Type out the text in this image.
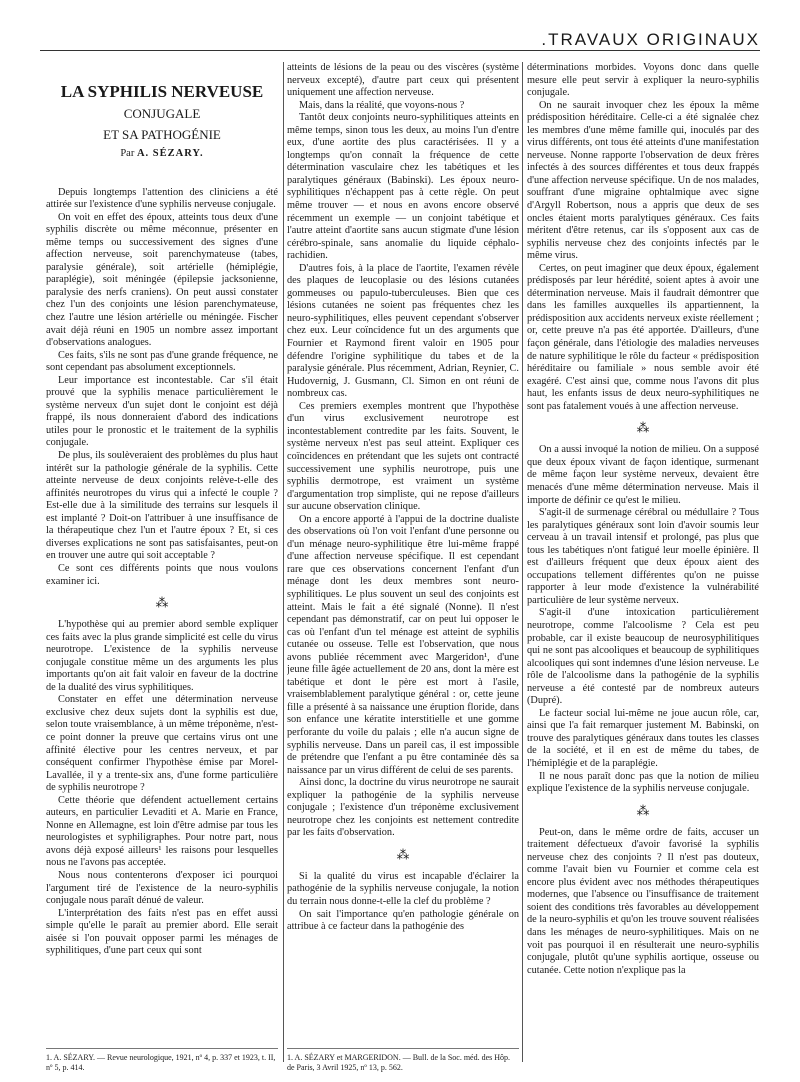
.TRAVAUX ORIGINAUX
LA SYPHILIS NERVEUSE
CONJUGALE
ET SA PATHOGÉNIE
Par A. SÉZARY.

Depuis longtemps l'attention des cliniciens a été attirée sur l'existence d'une syphilis nerveuse conjugale.

On voit en effet des époux, atteints tous deux d'une syphilis discrète ou même méconnue, présenter en même temps ou successivement des signes d'une affection nerveuse, soit parenchymateuse (tabes, paralysie générale), soit artérielle (hémiplégie, paraplégie), soit méningée (épilepsie jacksonienne, paralysie des nerfs craniens). On peut aussi constater chez l'un des conjoints une lésion parenchymateuse, chez l'autre une lésion artérielle ou méningée. Fischer avait déjà réuni en 1905 un nombre assez important d'observations analogues.

Ces faits, s'ils ne sont pas d'une grande fréquence, ne sont cependant pas absolument exceptionnels.

Leur importance est incontestable. Car s'il était prouvé que la syphilis menace particulièrement le système nerveux d'un sujet dont le conjoint est déjà frappé, ils nous donneraient d'abord des indications utiles pour le pronostic et le traitement de la syphilis conjugale.

De plus, ils soulèveraient des problèmes du plus haut intérêt sur la pathologie générale de la syphilis. Cette atteinte nerveuse de deux conjoints relève-t-elle des affinités neurotropes du virus qui a infecté le couple ? Est-elle due à la similitude des terrains sur lesquels il est implanté ? Doit-on l'attribuer à une insuffisance de la thérapeutique chez l'un et l'autre époux ? Et, si ces diverses explications ne sont pas satisfaisantes, peut-on en trouver une autre qui soit acceptable ?

Ce sont ces différents points que nous voulons examiner ici.

⁂

L'hypothèse qui au premier abord semble expliquer ces faits avec la plus grande simplicité est celle du virus neurotrope. L'existence de la syphilis nerveuse conjugale constitue même un des arguments les plus importants qu'on ait fait valoir en faveur de la doctrine de la dualité des virus syphilitiques.

Constater en effet une détermination nerveuse exclusive chez deux sujets dont la syphilis est due, selon toute vraisemblance, à un même tréponème, n'est-ce point donner la preuve que certains virus ont une affinité élective pour les centres nerveux, et par conséquent confirmer l'hypothèse émise par Morel-Lavallée, il y a trente-six ans, d'une forme particulière de syphilis neurotrope ?

Cette théorie que défendent actuellement certains auteurs, en particulier Levaditi et A. Marie en France, Nonne en Allemagne, est loin d'être admise par tous les neurologistes et syphiligraphes. Pour notre part, nous avons déjà exposé ailleurs¹ les raisons pour lesquelles nous ne l'avons pas acceptée.

Nous nous contenterons d'exposer ici pourquoi l'argument tiré de l'existence de la neuro-syphilis conjugale nous paraît dénué de valeur.

L'interprétation des faits n'est pas en effet aussi simple qu'elle le paraît au premier abord. Elle serait aisée si l'on pouvait opposer parmi les ménages de syphilitiques, d'une part ceux qui sont

atteints de lésions de la peau ou des viscères (système nerveux excepté), d'autre part ceux qui présentent uniquement une affection nerveuse.

Mais, dans la réalité, que voyons-nous ?

Tantôt deux conjoints neuro-syphilitiques atteints en même temps, sinon tous les deux, au moins l'un d'entre eux, d'une aortite des plus caractérisées. Il y a longtemps qu'on connaît la fréquence de cette détermination vasculaire chez les tabétiques et les paralytiques généraux (Babinski). Les époux neuro-syphilitiques n'échappent pas à cette règle. On peut même trouver — et nous en avons encore observé récemment un exemple — un conjoint tabétique et l'autre atteint d'aortite sans aucun stigmate d'une lésion cérébro-spinale, sans anomalie du liquide céphalo-rachidien.

D'autres fois, à la place de l'aortite, l'examen révèle des plaques de leucoplasie ou des lésions cutanées gommeuses ou papulo-tuberculeuses. Bien que ces lésions cutanées ne soient pas fréquentes chez les neuro-syphilitiques, elles peuvent cependant s'observer chez eux. Leur coïncidence fut un des arguments que Fournier et Raymond firent valoir en 1905 pour défendre l'origine syphilitique du tabes et de la paralysie générale. Plus récemment, Adrian, Reynier, C. Hudovernig, J. Gusmann, Cl. Simon en ont réuni de nombreux cas.

Ces premiers exemples montrent que l'hypothèse d'un virus exclusivement neurotrope est incontestablement contredite par les faits. Souvent, le système nerveux n'est pas seul atteint. Expliquer ces coïncidences en prétendant que les sujets ont contracté successivement une syphilis neurotrope, puis une syphilis dermotrope, est vraiment un système d'argumentation trop simpliste, qui ne repose d'ailleurs sur aucune observation clinique.

On a encore apporté à l'appui de la doctrine dualiste des observations où l'on voit l'enfant d'une personne ou d'un ménage neuro-syphilitique être lui-même frappé d'une affection nerveuse spécifique. Il est cependant rare que ces observations concernent l'enfant d'un ménage dont les deux membres sont neuro-syphilitiques. Le plus souvent un seul des conjoints est atteint. Mais le fait a été signalé (Nonne). Il n'est cependant pas démonstratif, car on peut lui opposer le cas où l'enfant d'un tel ménage est atteint de syphilis cutanée ou osseuse. Telle est l'observation, que nous avons publiée récemment avec Margeridon¹, d'une jeune fille âgée actuellement de 20 ans, dont la mère est tabétique et dont le père est mort à l'asile, vraisemblablement paralytique général : or, cette jeune fille a présenté à sa naissance une éruption floride, dans son enfance une kératite interstitielle et une gomme perforante du voile du palais ; elle n'a aucun signe de syphilis nerveuse. Dans un pareil cas, il est impossible de prétendre que l'enfant a pu être contaminée dès sa naissance par un virus différent de celui de ses parents.

Ainsi donc, la doctrine du virus neurotrope ne saurait expliquer la pathogénie de la syphilis nerveuse conjugale ; l'existence d'un tréponème exclusivement neurotrope chez les conjoints est nettement contredite par les faits d'observation.

⁂

Si la qualité du virus est incapable d'éclairer la pathogénie de la syphilis nerveuse conjugale, la notion du terrain nous donne-t-elle la clef du problème ?

On sait l'importance qu'en pathologie générale on attribue à ce facteur dans la pathogénie des

déterminations morbides. Voyons donc dans quelle mesure elle peut servir à expliquer la neuro-syphilis conjugale.

On ne saurait invoquer chez les époux la même prédisposition héréditaire. Celle-ci a été signalée chez les membres d'une même famille qui, inoculés par des virus différents, ont tous été atteints d'une manifestation nerveuse. Nonne rapporte l'observation de deux frères infectés à des sources différentes et tous deux frappés d'une affection nerveuse spécifique. Un de nos malades, souffrant d'une migraine ophtalmique avec signe d'Argyll Robertson, nous a appris que deux de ses oncles étaient morts paralytiques généraux. Ces faits méritent d'être retenus, car ils s'opposent aux cas de syphilis nerveuse chez des conjoints infectés par le même virus.

Certes, on peut imaginer que deux époux, également prédisposés par leur hérédité, soient aptes à avoir une détermination nerveuse. Mais il faudrait démontrer que dans les familles auxquelles ils appartiennent, la prédisposition aux accidents nerveux existe réellement ; or, cette preuve n'a pas été apportée. D'ailleurs, d'une façon générale, dans l'étiologie des maladies nerveuses de nature syphilitique le rôle du facteur « prédisposition héréditaire ou familiale » nous semble avoir été exagéré. C'est ainsi que, comme nous l'avons dit plus haut, les enfants issus de deux neuro-syphilitiques ne sont pas fatalement voués à une affection nerveuse.

⁂

On a aussi invoqué la notion de milieu. On a supposé que deux époux vivant de façon identique, surmenant de même façon leur système nerveux, devaient être menacés d'une même détermination nerveuse. Mais il importe de définir ce qu'est le milieu.

S'agit-il de surmenage cérébral ou médullaire ? Tous les paralytiques généraux sont loin d'avoir soumis leur cerveau à un travail intensif et prolongé, pas plus que tous les tabétiques n'ont fatigué leur moelle épinière. Il est d'ailleurs fréquent que deux époux aient des occupations tellement différentes qu'on ne puisse rapporter à leur mode d'existence la vulnérabilité particulière de leur système nerveux.

S'agit-il d'une intoxication particulièrement neurotrope, comme l'alcoolisme ? Cela est peu probable, car il existe beaucoup de neurosyphilitiques qui ne sont pas alcooliques et beaucoup de syphilitiques alcooliques qui sont indemnes d'une lésion nerveuse. Le rôle de l'alcoolisme dans la pathogénie de la syphilis nerveuse a été contesté par de nombreux auteurs (Dupré).

Le facteur social lui-même ne joue aucun rôle, car, ainsi que l'a fait remarquer justement M. Babinski, on trouve des paralytiques généraux dans toutes les classes de la société, et il en est de même du tabes, de l'hémiplégie et de la paraplégie.

Il ne nous paraît donc pas que la notion de milieu explique l'existence de la syphilis nerveuse conjugale.

⁂

Peut-on, dans le même ordre de faits, accuser un traitement défectueux d'avoir favorisé la syphilis nerveuse chez des conjoints ? Il n'est pas douteux, comme l'avait bien vu Fournier et comme cela est encore plus évident avec nos méthodes thérapeutiques modernes, que l'absence ou l'insuffisance de traitement soient des conditions très favorables au développement de la neuro-syphilis et qu'on les trouve souvent réalisées dans les ménages de neuro-syphilitiques. Mais on ne voit pas pourquoi il en résulterait une neuro-syphilis conjugale, plutôt qu'une syphilis aortique, osseuse ou cutanée. Cette notion n'explique pas la

1. A. SÉZARY. — Revue neurologique, 1921, nº 4, p. 337 et 1923, t. II, nº 5, p. 414.
1. A. SÉZARY et MARGERIDON. — Bull. de la Soc. méd. des Hôp. de Paris, 3 Avril 1925, nº 13, p. 562.
